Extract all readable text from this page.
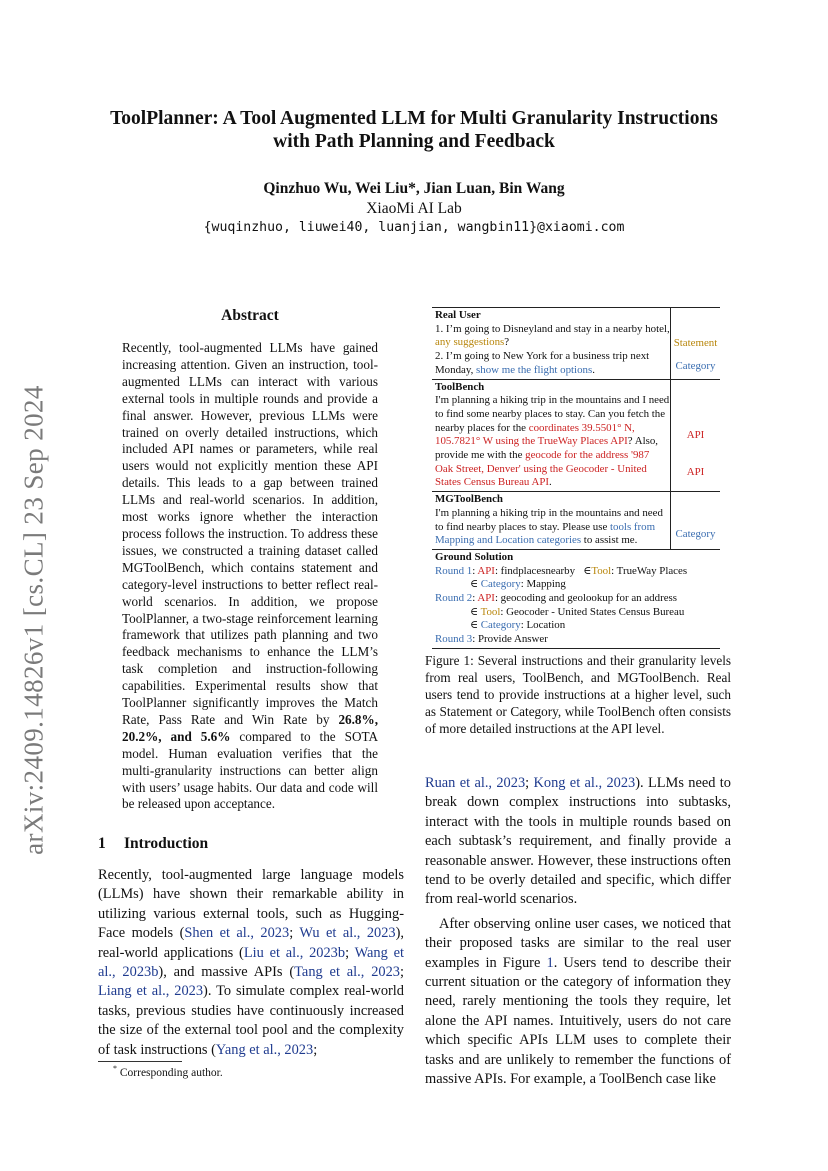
arXiv:2409.14826v1 [cs.CL] 23 Sep 2024
ToolPlanner: A Tool Augmented LLM for Multi Granularity Instructions
with Path Planning and Feedback
Qinzhuo Wu, Wei Liu*, Jian Luan, Bin Wang
XiaoMi AI Lab
{wuqinzhuo, liuwei40, luanjian, wangbin11}@xiaomi.com
Abstract

Recently, tool-augmented LLMs have gained increasing attention. Given an instruction, tool-augmented LLMs can interact with various external tools in multiple rounds and provide a final answer. However, previous LLMs were trained on overly detailed instructions, which included API names or parameters, while real users would not explicitly mention these API details. This leads to a gap between trained LLMs and real-world scenarios. In addition, most works ignore whether the interaction process follows the instruction. To address these issues, we constructed a training dataset called MGToolBench, which contains statement and category-level instructions to better reflect real-world scenarios. In addition, we propose ToolPlanner, a two-stage reinforcement learning framework that utilizes path planning and two feedback mechanisms to enhance the LLM’s task completion and instruction-following capabilities. Experimental results show that ToolPlanner significantly improves the Match Rate, Pass Rate and Win Rate by 26.8%, 20.2%, and 5.6% compared to the SOTA model. Human evaluation verifies that the multi-granularity instructions can better align with users’ usage habits. Our data and code will be released upon acceptance.

1 Introduction

Recently, tool-augmented large language models (LLMs) have shown their remarkable ability in utilizing various external tools, such as Hugging-Face models (Shen et al., 2023; Wu et al., 2023), real-world applications (Liu et al., 2023b; Wang et al., 2023b), and massive APIs (Tang et al., 2023; Liang et al., 2023). To simulate complex real-world tasks, previous studies have continuously increased the size of the external tool pool and the complexity of task instructions (Yang et al., 2023;

* Corresponding author.
Real User
1. I’m going to Disneyland and stay in a nearby hotel, any suggestions?
2. I’m going to New York for a business trip next Monday, show me the flight options.
Statement
Category
ToolBench
I'm planning a hiking trip in the mountains and I need to find some nearby places to stay. Can you fetch the nearby places for the coordinates 39.5501° N, 105.7821° W using the TrueWay Places API? Also, provide me with the geocode for the address '987 Oak Street, Denver' using the Geocoder - United States Census Bureau API.
API
API
MGToolBench
I'm planning a hiking trip in the mountains and need to find nearby places to stay. Please use tools from Mapping and Location categories to assist me.
Category
Ground Solution
Round 1: API: findplacesnearby ∈Tool: TrueWay Places
∈ Category: Mapping
Round 2: API: geocoding and geolookup for an address
∈ Tool: Geocoder - United States Census Bureau
∈ Category: Location
Round 3: Provide Answer
Figure 1: Several instructions and their granularity levels from real users, ToolBench, and MGToolBench. Real users tend to provide instructions at a higher level, such as Statement or Category, while ToolBench often consists of more detailed instructions at the API level.

Ruan et al., 2023; Kong et al., 2023). LLMs need to break down complex instructions into subtasks, interact with the tools in multiple rounds based on each subtask’s requirement, and finally provide a reasonable answer. However, these instructions often tend to be overly detailed and specific, which differ from real-world scenarios.

After observing online user cases, we noticed that their proposed tasks are similar to the real user examples in Figure 1. Users tend to describe their current situation or the category of information they need, rarely mentioning the tools they require, let alone the API names. Intuitively, users do not care which specific APIs LLM uses to complete their tasks and are unlikely to remember the functions of massive APIs. For example, a ToolBench case like
